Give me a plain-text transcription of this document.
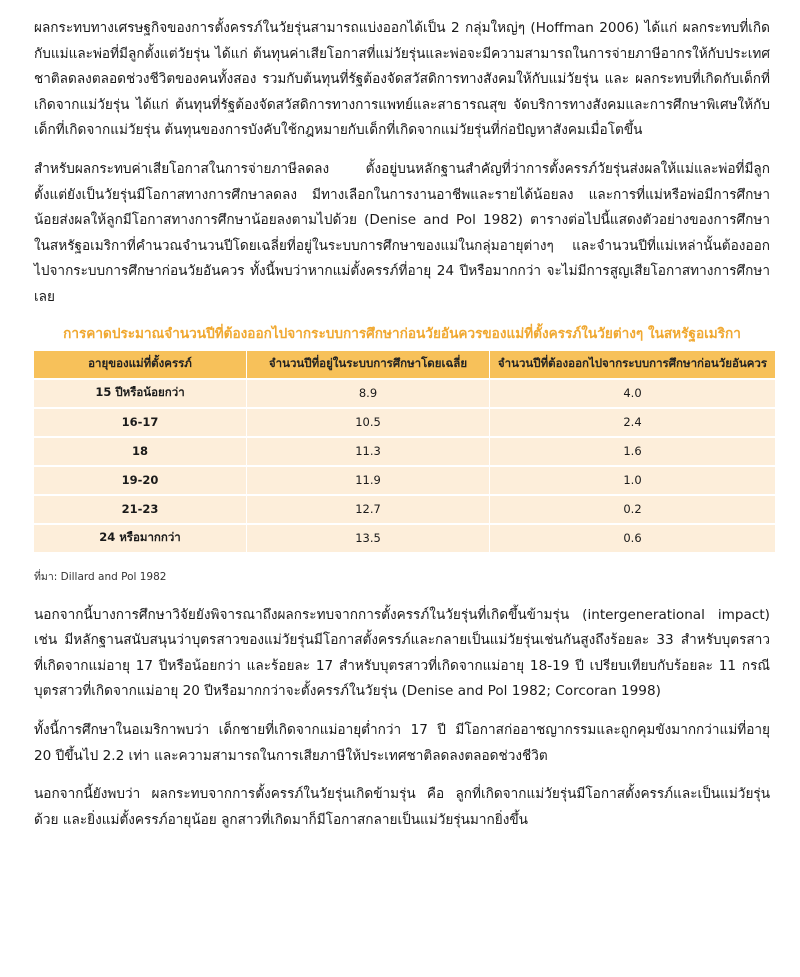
ผลกระทบทางเศรษฐกิจของการตั้งครรภ์ในวัยรุ่นสามารถแบ่งออกได้เป็น 2 กลุ่มใหญ่ๆ (Hoffman 2006) ได้แก่ ผลกระทบที่เกิดกับแม่และพ่อที่มีลูกตั้งแต่วัยรุ่น ได้แก่ ต้นทุนค่าเสียโอกาสที่แม่วัยรุ่นและพ่อจะมีความสามารถในการจ่ายภาษีอากรให้กับประเทศชาติลดลงตลอดช่วงชีวิตของคนทั้งสอง รวมกับต้นทุนที่รัฐต้องจัดสวัสดิการทางสังคมให้กับแม่วัยรุ่น และ ผลกระทบที่เกิดกับเด็กที่เกิดจากแม่วัยรุ่น ได้แก่ ต้นทุนที่รัฐต้องจัดสวัสดิการทางการแพทย์และสาธารณสุข จัดบริการทางสังคมและการศึกษาพิเศษให้กับเด็กที่เกิดจากแม่วัยรุ่น ต้นทุนของการบังคับใช้กฎหมายกับเด็กที่เกิดจากแม่วัยรุ่นที่ก่อปัญหาสังคมเมื่อโตขึ้น

สำหรับผลกระทบค่าเสียโอกาสในการจ่ายภาษีลดลง ตั้งอยู่บนหลักฐานสำคัญที่ว่าการตั้งครรภ์วัยรุ่นส่งผลให้แม่และพ่อที่มีลูกตั้งแต่ยังเป็นวัยรุ่นมีโอกาสทางการศึกษาลดลง มีทางเลือกในการงานอาชีพและรายได้น้อยลง และการที่แม่หรือพ่อมีการศึกษาน้อยส่งผลให้ลูกมีโอกาสทางการศึกษาน้อยลงตามไปด้วย (Denise and Pol 1982) ตารางต่อไปนี้แสดงตัวอย่างของการศึกษาในสหรัฐอเมริกาที่คำนวณจำนวนปีโดยเฉลี่ยที่อยู่ในระบบการศึกษาของแม่ในกลุ่มอายุต่างๆ และจำนวนปีที่แม่เหล่านั้นต้องออกไปจากระบบการศึกษาก่อนวัยอันควร ทั้งนี้พบว่าหากแม่ตั้งครรภ์ที่อายุ 24 ปีหรือมากกว่า จะไม่มีการสูญเสียโอกาสทางการศึกษาเลย

การคาดประมาณจำนวนปีที่ต้องออกไปจากระบบการศึกษาก่อนวัยอันควรของแม่ที่ตั้งครรภ์ในวัยต่างๆ ในสหรัฐอเมริกา
อายุของแม่ที่ตั้งครรภ์	จำนวนปีที่อยู่ในระบบการศึกษาโดยเฉลี่ย	จำนวนปีที่ต้องออกไปจากระบบการศึกษาก่อนวัยอันควร
15 ปีหรือน้อยกว่า	8.9	4.0
16-17	10.5	2.4
18	11.3	1.6
19-20	11.9	1.0
21-23	12.7	0.2
24 หรือมากกว่า	13.5	0.6
ที่มา: Dillard and Pol 1982

นอกจากนี้บางการศึกษาวิจัยยังพิจารณาถึงผลกระทบจากการตั้งครรภ์ในวัยรุ่นที่เกิดขึ้นข้ามรุ่น (intergenerational impact) เช่น มีหลักฐานสนับสนุนว่าบุตรสาวของแม่วัยรุ่นมีโอกาสตั้งครรภ์และกลายเป็นแม่วัยรุ่นเช่นกันสูงถึงร้อยละ 33 สำหรับบุตรสาวที่เกิดจากแม่อายุ 17 ปีหรือน้อยกว่า และร้อยละ 17 สำหรับบุตรสาวที่เกิดจากแม่อายุ 18-19 ปี เปรียบเทียบกับร้อยละ 11 กรณีบุตรสาวที่เกิดจากแม่อายุ 20 ปีหรือมากกว่าจะตั้งครรภ์ในวัยรุ่น (Denise and Pol 1982; Corcoran 1998)

ทั้งนี้การศึกษาในอเมริกาพบว่า เด็กชายที่เกิดจากแม่อายุต่ำกว่า 17 ปี มีโอกาสก่ออาชญากรรมและถูกคุมขังมากกว่าแม่ที่อายุ 20 ปีขึ้นไป 2.2 เท่า และความสามารถในการเสียภาษีให้ประเทศชาติลดลงตลอดช่วงชีวิต

นอกจากนี้ยังพบว่า ผลกระทบจากการตั้งครรภ์ในวัยรุ่นเกิดข้ามรุ่น คือ ลูกที่เกิดจากแม่วัยรุ่นมีโอกาสตั้งครรภ์และเป็นแม่วัยรุ่นด้วย และยิ่งแม่ตั้งครรภ์อายุน้อย ลูกสาวที่เกิดมาก็มีโอกาสกลายเป็นแม่วัยรุ่นมากยิ่งขึ้น
